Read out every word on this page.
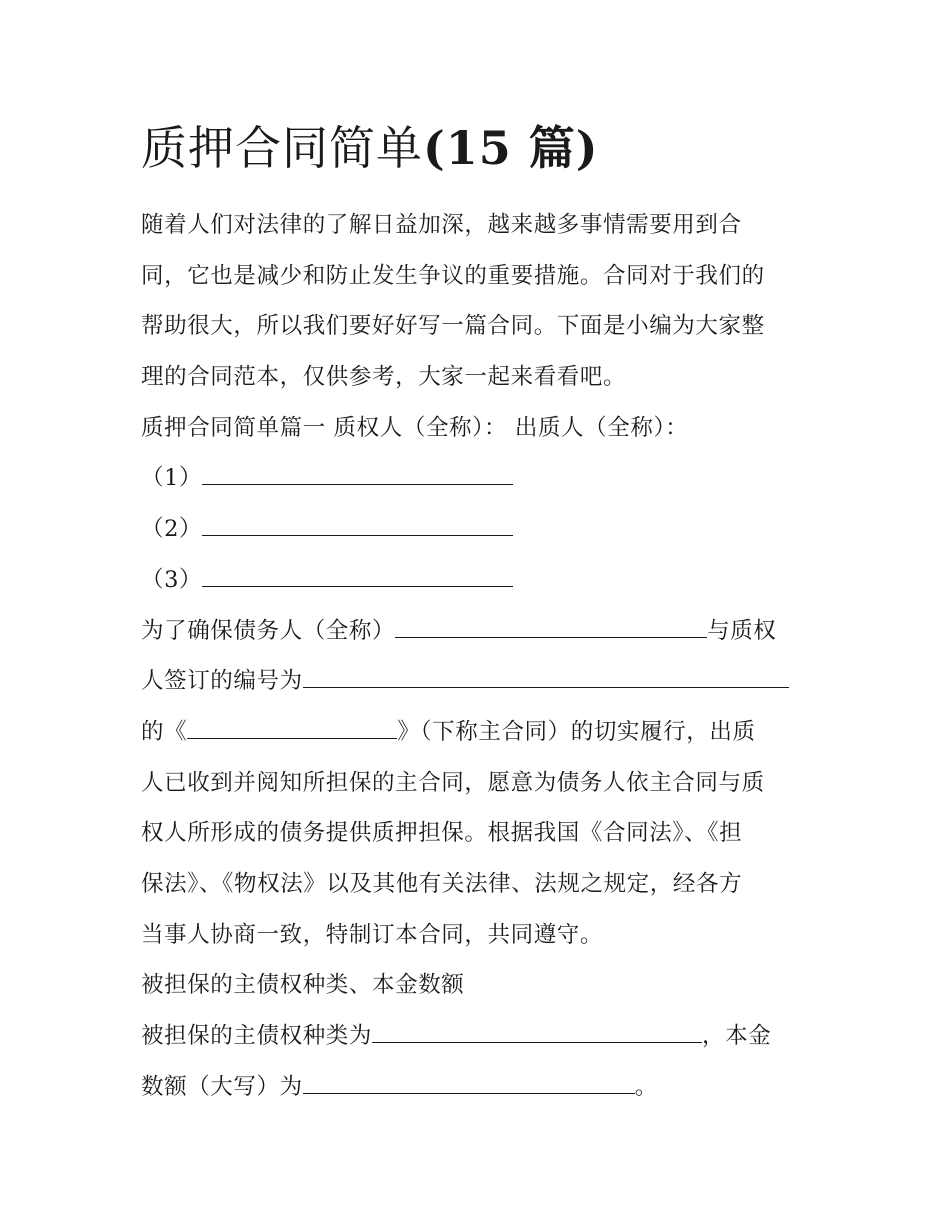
质押合同简单(15 篇)
随着人们对法律的了解日益加深，越来越多事情需要用到合
同，它也是减少和防止发生争议的重要措施。合同对于我们的
帮助很大，所以我们要好好写一篇合同。下面是小编为大家整
理的合同范本，仅供参考，大家一起来看看吧。
质押合同简单篇一 质权人（全称）： 出质人（全称）：
（1）
（2）
（3）
为了确保债务人（全称）	与质权
人签订的编号为
的《	》（下称主合同）的切实履行，出质
人已收到并阅知所担保的主合同，愿意为债务人依主合同与质
权人所形成的债务提供质押担保。根据我国《合同法》、《担
保法》、《物权法》以及其他有关法律、法规之规定，经各方
当事人协商一致，特制订本合同，共同遵守。
被担保的主债权种类、本金数额
被担保的主债权种类为	，本金
数额（大写）为	。
